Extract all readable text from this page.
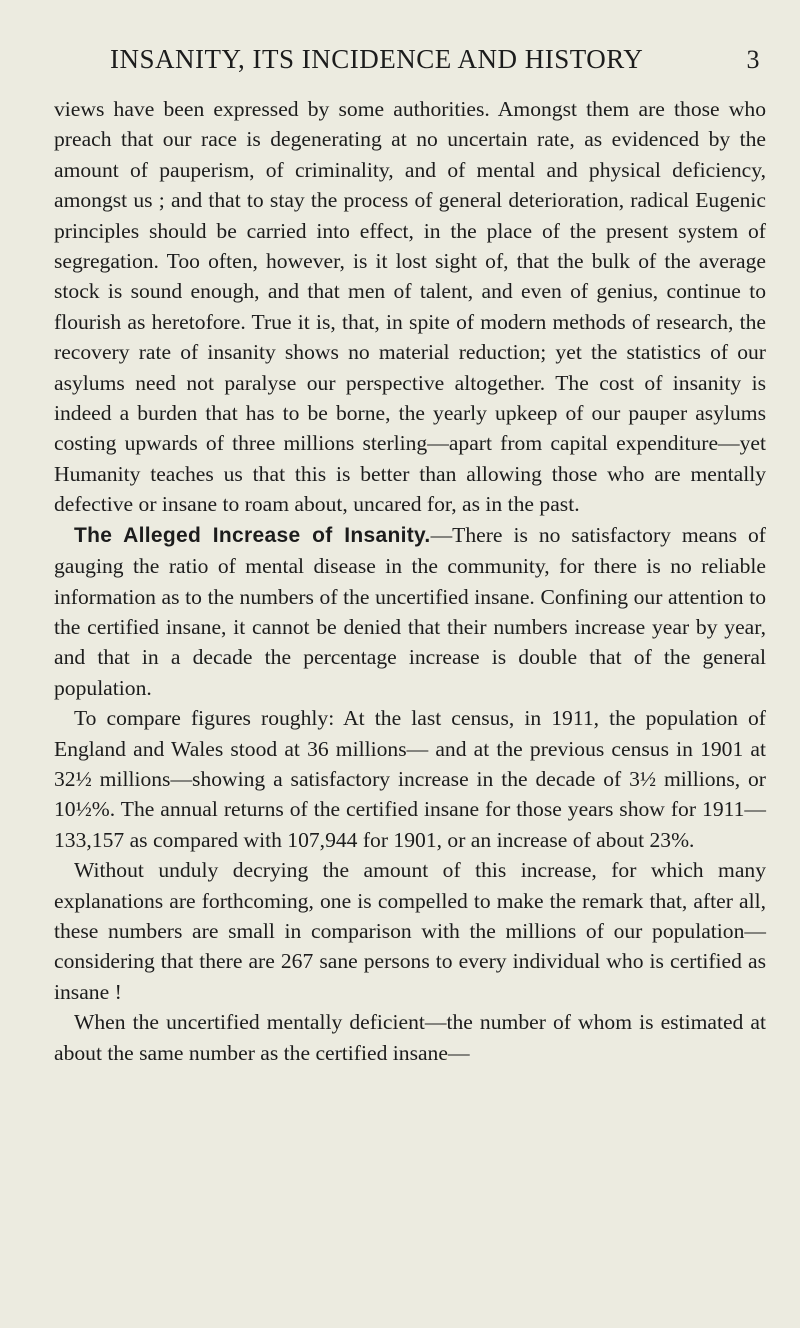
INSANITY, ITS INCIDENCE AND HISTORY	3

views have been expressed by some authorities. Amongst them are those who preach that our race is degenerating at no uncertain rate, as evidenced by the amount of pauperism, of criminality, and of mental and physical deficiency, amongst us ; and that to stay the process of general deterioration, radical Eugenic principles should be carried into effect, in the place of the present system of segregation. Too often, however, is it lost sight of, that the bulk of the average stock is sound enough, and that men of talent, and even of genius, continue to flourish as heretofore. True it is, that, in spite of modern methods of research, the recovery rate of insanity shows no material reduction; yet the statistics of our asylums need not paralyse our perspective altogether. The cost of insanity is indeed a burden that has to be borne, the yearly upkeep of our pauper asylums costing upwards of three millions sterling—apart from capital expenditure—yet Humanity teaches us that this is better than allowing those who are mentally defective or insane to roam about, uncared for, as in the past.

The Alleged Increase of Insanity.—There is no satisfactory means of gauging the ratio of mental disease in the community, for there is no reliable information as to the numbers of the uncertified insane. Confining our attention to the certified insane, it cannot be denied that their numbers increase year by year, and that in a decade the percentage increase is double that of the general population.

To compare figures roughly: At the last census, in 1911, the population of England and Wales stood at 36 millions— and at the previous census in 1901 at 32½ millions—showing a satisfactory increase in the decade of 3½ millions, or 10½%. The annual returns of the certified insane for those years show for 1911—133,157 as compared with 107,944 for 1901, or an increase of about 23%.

Without unduly decrying the amount of this increase, for which many explanations are forthcoming, one is compelled to make the remark that, after all, these numbers are small in comparison with the millions of our population—considering that there are 267 sane persons to every individual who is certified as insane !

When the uncertified mentally deficient—the number of whom is estimated at about the same number as the certified insane—
